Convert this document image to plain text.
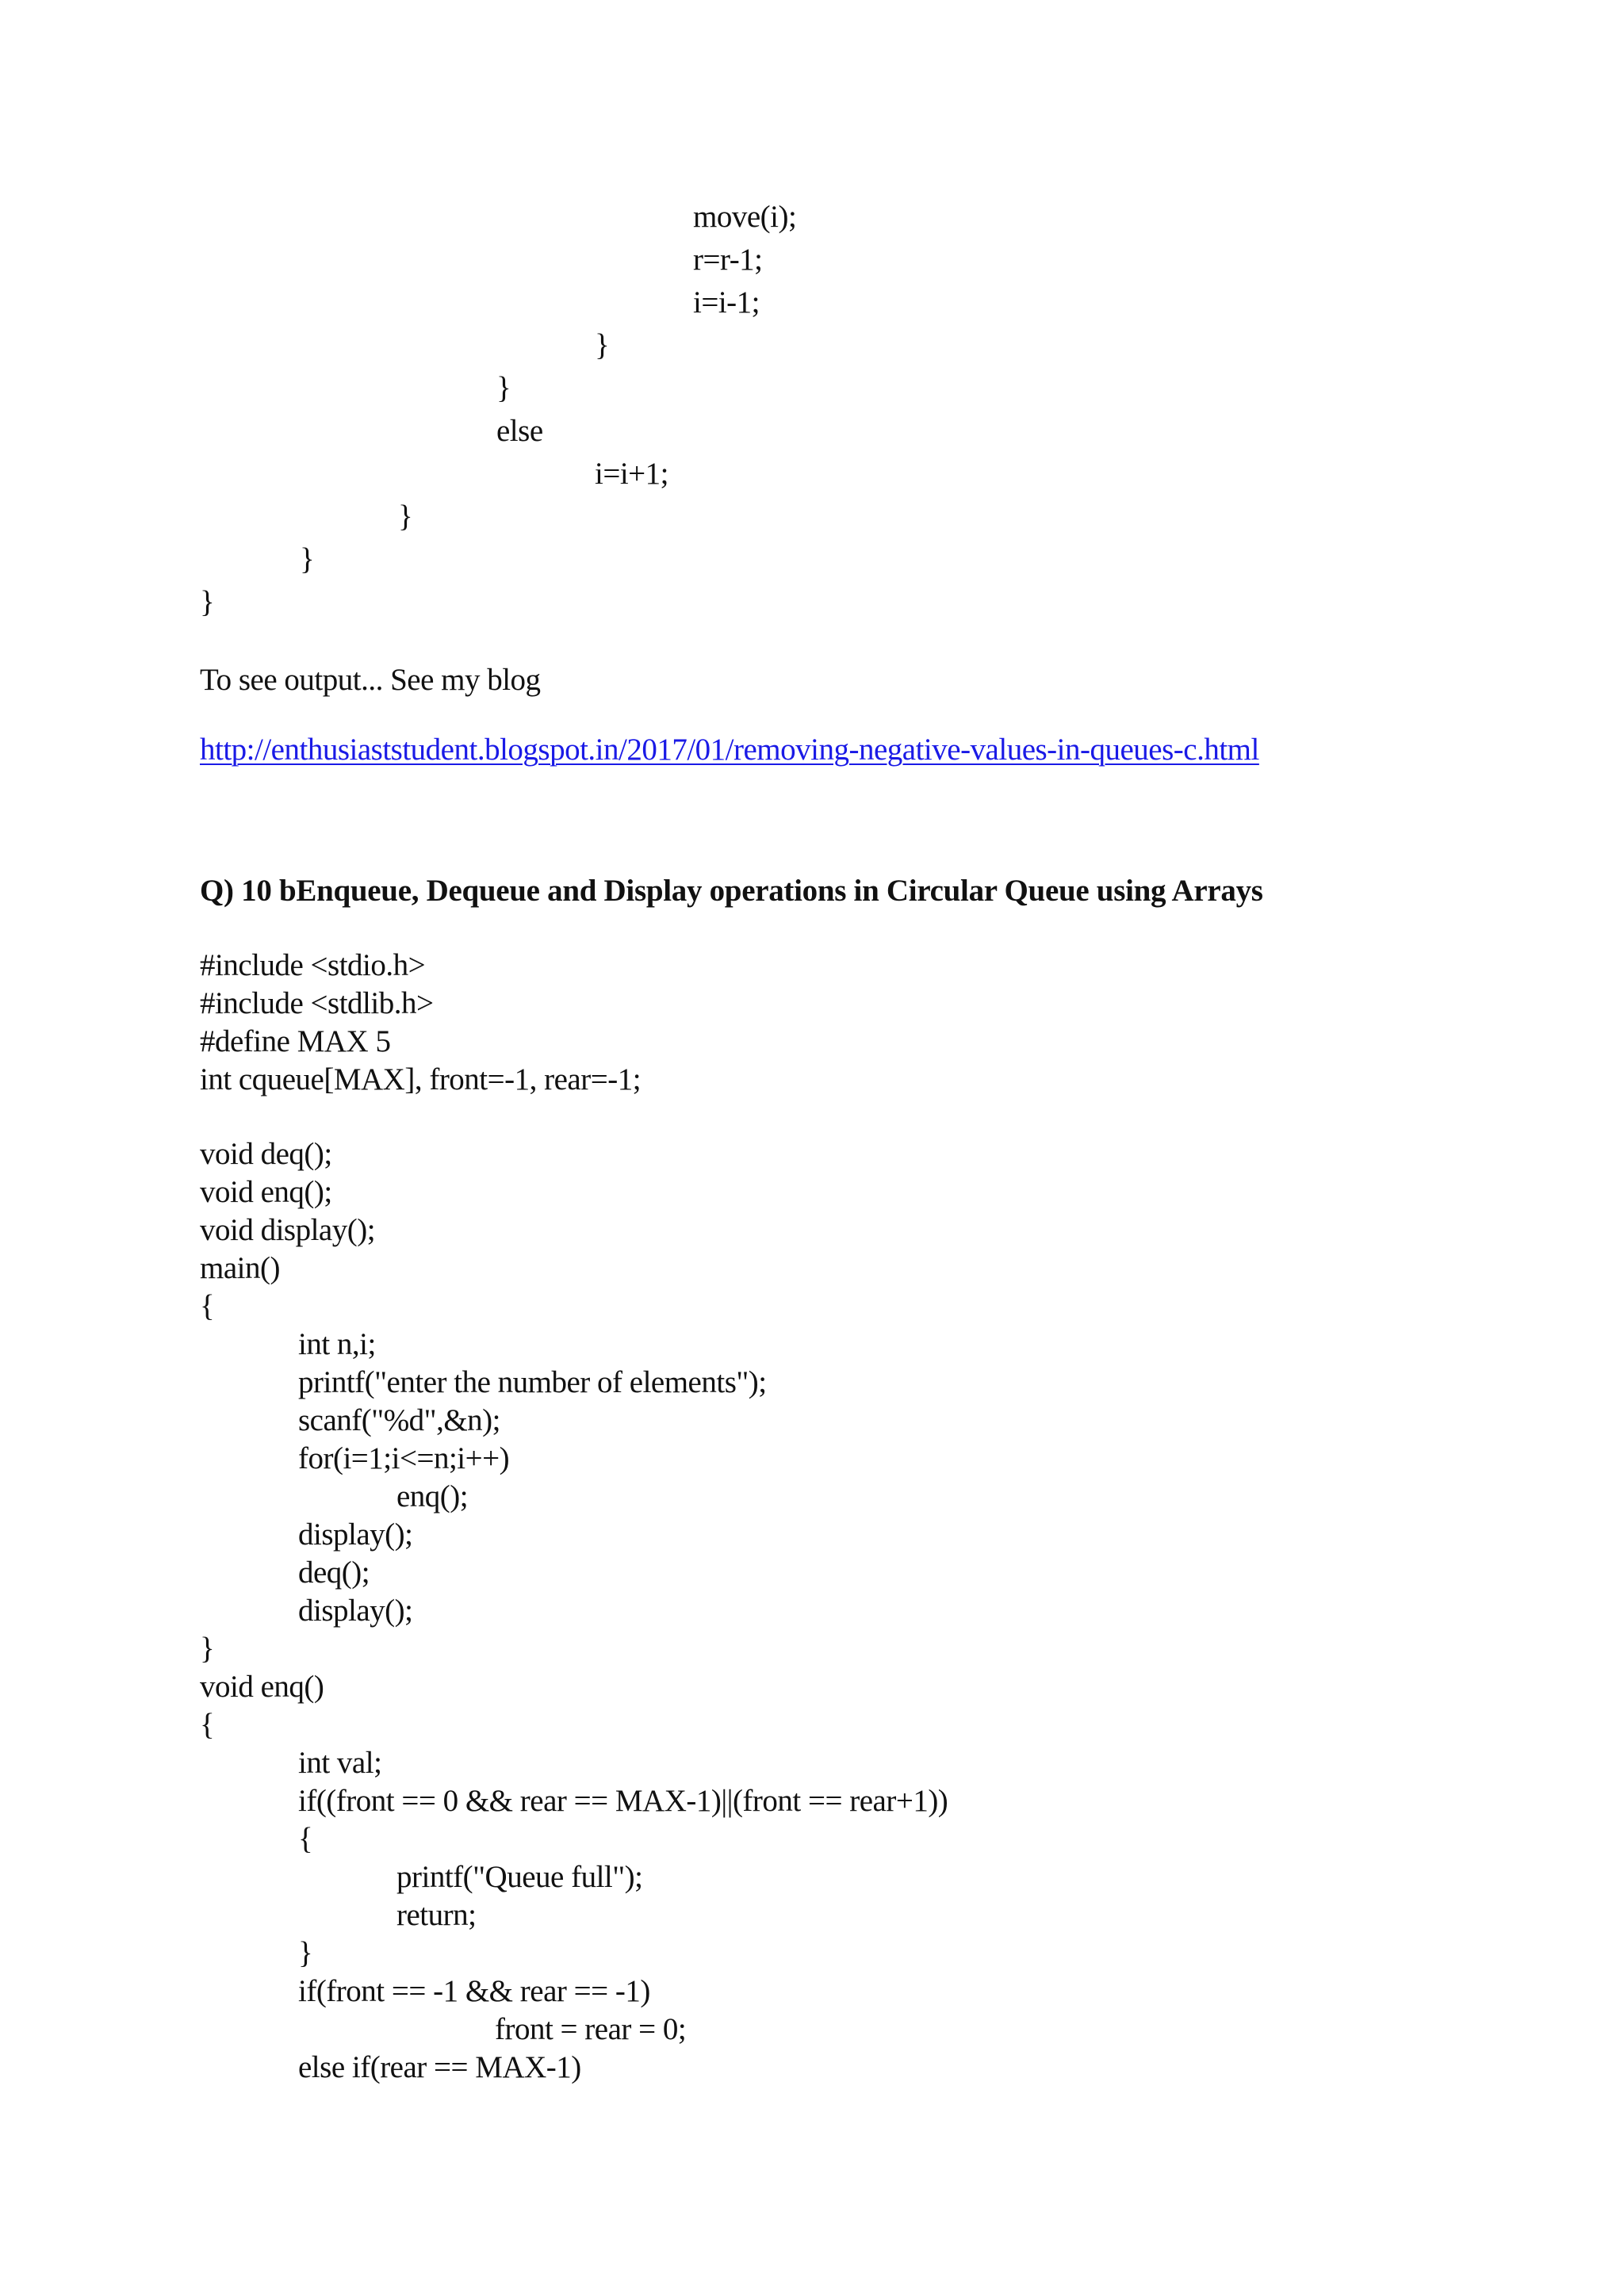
move(i);
r=r-1;
i=i-1;
}
}
else
i=i+1;
}
}
}
To see output... See my blog
http://enthusiaststudent.blogspot.in/2017/01/removing-negative-values-in-queues-c.html
Q) 10 bEnqueue, Dequeue and Display operations in Circular Queue using Arrays
#include <stdio.h>
#include <stdlib.h>
#define MAX 5
int cqueue[MAX], front=-1, rear=-1;
void deq();
void enq();
void display();
main()
{
int n,i;
printf("enter the number of elements");
scanf("%d",&n);
for(i=1;i<=n;i++)
enq();
display();
deq();
display();
}
void enq()
{
int val;
if((front == 0 && rear == MAX-1)||(front == rear+1))
{
printf("Queue full");
return;
}
if(front == -1 && rear == -1)
front = rear = 0;
else if(rear == MAX-1)
